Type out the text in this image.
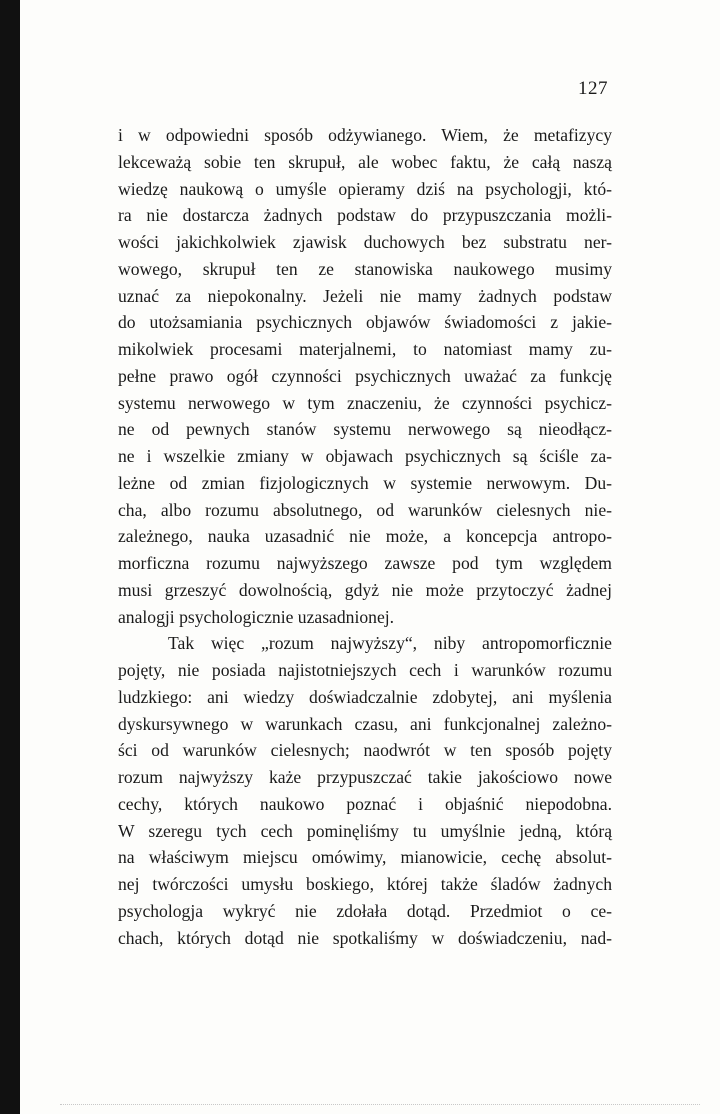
127
i w odpowiedni sposób odżywianego. Wiem, że metafizycy
lekceważą sobie ten skrupuł, ale wobec faktu, że całą naszą
wiedzę naukową o umyśle opieramy dziś na psychologji, któ-
ra nie dostarcza żadnych podstaw do przypuszczania możli-
wości jakichkolwiek zjawisk duchowych bez substratu ner-
wowego, skrupuł ten ze stanowiska naukowego musimy
uznać za niepokonalny. Jeżeli nie mamy żadnych podstaw
do utożsamiania psychicznych objawów świadomości z jakie-
mikolwiek procesami materjalnemi, to natomiast mamy zu-
pełne prawo ogół czynności psychicznych uważać za funkcję
systemu nerwowego w tym znaczeniu, że czynności psychicz-
ne od pewnych stanów systemu nerwowego są nieodłącz-
ne i wszelkie zmiany w objawach psychicznych są ściśle za-
leżne od zmian fizjologicznych w systemie nerwowym. Du-
cha, albo rozumu absolutnego, od warunków cielesnych nie-
zależnego, nauka uzasadnić nie może, a koncepcja antropo-
morficzna rozumu najwyższego zawsze pod tym względem
musi grzeszyć dowolnością, gdyż nie może przytoczyć żadnej
analogji psychologicznie uzasadnionej.
Tak więc „rozum najwyższy“, niby antropomorficznie
pojęty, nie posiada najistotniejszych cech i warunków rozumu
ludzkiego: ani wiedzy doświadczalnie zdobytej, ani myślenia
dyskursywnego w warunkach czasu, ani funkcjonalnej zależno-
ści od warunków cielesnych; naodwrót w ten sposób pojęty
rozum najwyższy każe przypuszczać takie jakościowo nowe
cechy, których naukowo poznać i objaśnić niepodobna.
W szeregu tych cech pominęliśmy tu umyślnie jedną, którą
na właściwym miejscu omówimy, mianowicie, cechę absolut-
nej twórczości umysłu boskiego, której także śladów żadnych
psychologja wykryć nie zdołała dotąd. Przedmiot o ce-
chach, których dotąd nie spotkaliśmy w doświadczeniu, nad-
